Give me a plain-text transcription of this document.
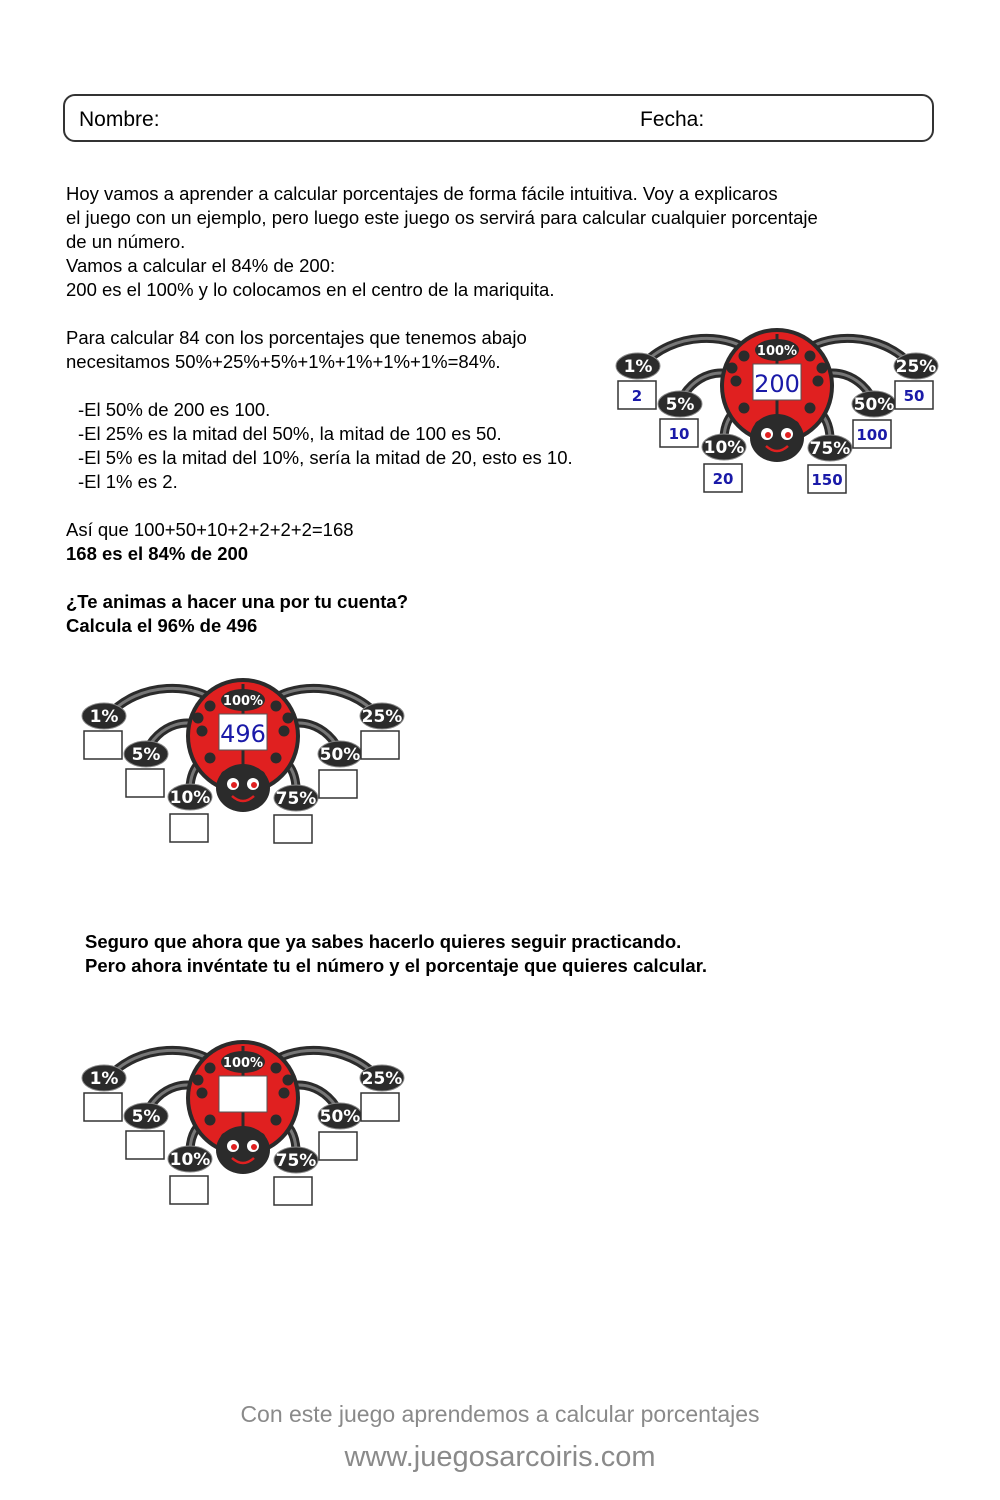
Nombre:	Fecha:
Hoy vamos a aprender a calcular porcentajes de forma fácile intuitiva. Voy a explicaros
el juego con un ejemplo, pero luego este juego os servirá para calcular cualquier porcentaje
de un número.
Vamos a calcular el 84% de 200:
200 es el 100% y lo colocamos en el centro de la mariquita.
Para calcular 84 con los porcentajes que tenemos abajo
necesitamos 50%+25%+5%+1%+1%+1%+1%=84%.
-El 50% de 200 es 100.
-El 25% es la mitad del 50%, la mitad de 100 es 50.
-El 5% es la mitad del 10%, sería la mitad de 20, esto es 10.
-El 1% es 2.
Así que 100+50+10+2+2+2+2=168
168 es el 84% de 200
¿Te animas a hacer una por tu cuenta?
Calcula el 96% de 496
Seguro que ahora que ya sabes hacerlo quieres seguir practicando.
Pero ahora invéntate tu el número y el porcentaje que quieres calcular.
100%
200
1%
2 5%
10
10%
20
75%
150
50%
100
25%
50
100%
496
1%
5%
10%	75%
50%
25%
100%
1%
5%
10%	75%
50%
25%
Con este juego aprendemos a calcular porcentajes
www.juegosarcoiris.com
